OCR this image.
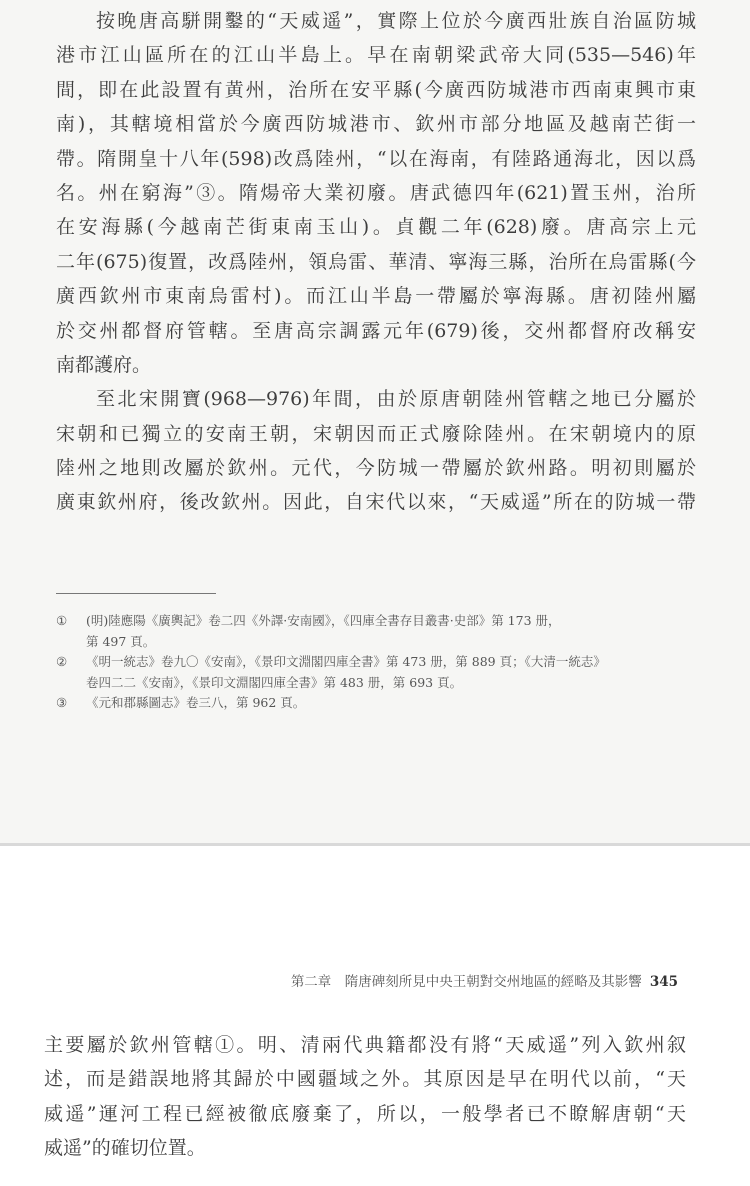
按晚唐高駢開鑿的“天威遥”，實際上位於今廣西壯族自治區防城
港市江山區所在的江山半島上。早在南朝梁武帝大同(535—546)年
間，即在此設置有黄州，治所在安平縣(今廣西防城港市西南東興市東
南)，其轄境相當於今廣西防城港市、欽州市部分地區及越南芒街一
帶。隋開皇十八年(598)改爲陸州，“以在海南，有陸路通海北，因以爲
名。州在窮海”③。隋煬帝大業初廢。唐武德四年(621)置玉州，治所
在安海縣(今越南芒街東南玉山)。貞觀二年(628)廢。唐高宗上元
二年(675)復置，改爲陸州，領烏雷、華清、寧海三縣，治所在烏雷縣(今
廣西欽州市東南烏雷村)。而江山半島一帶屬於寧海縣。唐初陸州屬
於交州都督府管轄。至唐高宗調露元年(679)後，交州都督府改稱安
南都護府。
至北宋開寶(968—976)年間，由於原唐朝陸州管轄之地已分屬於
宋朝和已獨立的安南王朝，宋朝因而正式廢除陸州。在宋朝境内的原
陸州之地則改屬於欽州。元代，今防城一帶屬於欽州路。明初則屬於
廣東欽州府，後改欽州。因此，自宋代以來，“天威遥”所在的防城一帶
① (明)陸應陽《廣輿記》卷二四《外譯·安南國》，《四庫全書存目叢書·史部》第 173 册，
第 497 頁。
② 《明一統志》卷九〇《安南》，《景印文淵閣四庫全書》第 473 册，第 889 頁；《大清一統志》
卷四二二《安南》，《景印文淵閣四庫全書》第 483 册，第 693 頁。
③ 《元和郡縣圖志》卷三八，第 962 頁。
第二章　隋唐碑刻所見中央王朝對交州地區的經略及其影響 345
主要屬於欽州管轄①。明、清兩代典籍都没有將“天威遥”列入欽州叙
述，而是錯誤地將其歸於中國疆域之外。其原因是早在明代以前，“天
威遥”運河工程已經被徹底廢棄了，所以，一般學者已不瞭解唐朝“天
威遥”的確切位置。
